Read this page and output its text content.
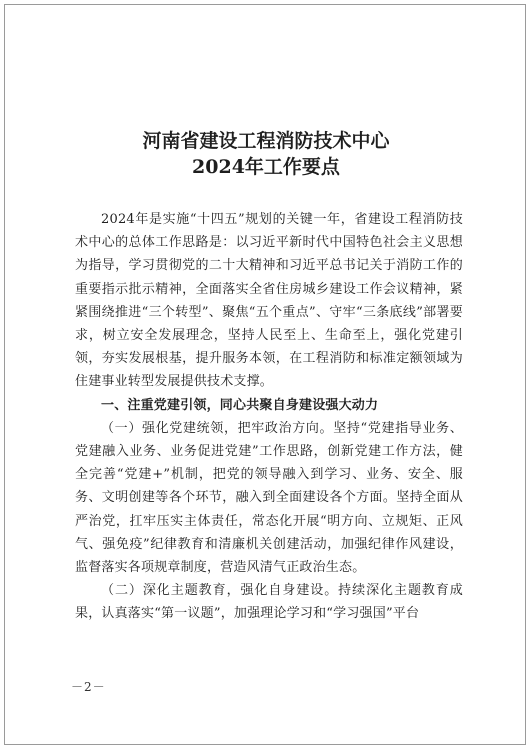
河南省建设工程消防技术中心
2024年工作要点

2024年是实施“十四五”规划的关键一年，省建设工程消防技术中心的总体工作思路是：以习近平新时代中国特色社会主义思想为指导，学习贯彻党的二十大精神和习近平总书记关于消防工作的重要指示批示精神，全面落实全省住房城乡建设工作会议精神，紧紧围绕推进“三个转型”、聚焦“五个重点”、守牢“三条底线”部署要求，树立安全发展理念，坚持人民至上、生命至上，强化党建引领，夯实发展根基，提升服务本领，在工程消防和标准定额领域为住建事业转型发展提供技术支撑。

一、注重党建引领，同心共聚自身建设强大动力

（一）强化党建统领，把牢政治方向。坚持“党建指导业务、党建融入业务、业务促进党建”工作思路，创新党建工作方法，健全完善“党建+”机制，把党的领导融入到学习、业务、安全、服务、文明创建等各个环节，融入到全面建设各个方面。坚持全面从严治党，扛牢压实主体责任，常态化开展“明方向、立规矩、正风气、强免疫”纪律教育和清廉机关创建活动，加强纪律作风建设，监督落实各项规章制度，营造风清气正政治生态。

（二）深化主题教育，强化自身建设。持续深化主题教育成果，认真落实“第一议题”，加强理论学习和“学习强国”平台

－2－
